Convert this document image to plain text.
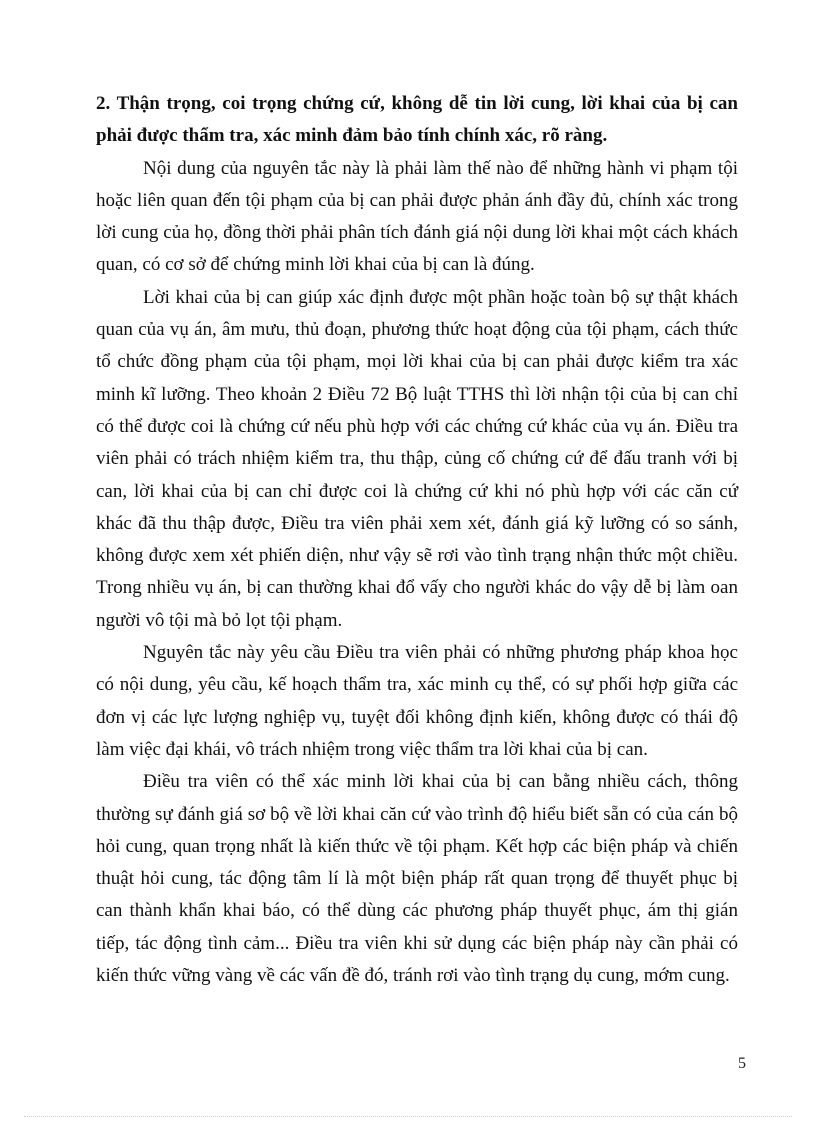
2. Thận trọng, coi trọng chứng cứ, không dễ tin lời cung, lời khai của bị can phải được thẩm tra, xác minh đảm bảo tính chính xác, rõ ràng.

Nội dung của nguyên tắc này là phải làm thế nào để những hành vi phạm tội hoặc liên quan đến tội phạm của bị can phải được phản ánh đầy đủ, chính xác trong lời cung của họ, đồng thời phải phân tích đánh giá nội dung lời khai một cách khách quan, có cơ sở để chứng minh lời khai của bị can là đúng.

Lời khai của bị can giúp xác định được một phần hoặc toàn bộ sự thật khách quan của vụ án, âm mưu, thủ đoạn, phương thức hoạt động của tội phạm, cách thức tổ chức đồng phạm của tội phạm, mọi lời khai của bị can phải được kiểm tra xác minh kĩ lưỡng. Theo khoản 2 Điều 72 Bộ luật TTHS thì lời nhận tội của bị can chỉ có thể được coi là chứng cứ nếu phù hợp với các chứng cứ khác của vụ án. Điều tra viên phải có trách nhiệm kiểm tra, thu thập, củng cố chứng cứ để đấu tranh với bị can, lời khai của bị can chỉ được coi là chứng cứ khi nó phù hợp với các căn cứ khác đã thu thập được, Điều tra viên phải xem xét, đánh giá kỹ lưỡng có so sánh, không được xem xét phiến diện, như vậy sẽ rơi vào tình trạng nhận thức một chiều. Trong nhiều vụ án, bị can thường khai đổ vấy cho người khác do vậy dễ bị làm oan người vô tội mà bỏ lọt tội phạm.

Nguyên tắc này yêu cầu Điều tra viên phải có những phương pháp khoa học có nội dung, yêu cầu, kế hoạch thẩm tra, xác minh cụ thể, có sự phối hợp giữa các đơn vị các lực lượng nghiệp vụ, tuyệt đối không định kiến, không được có thái độ làm việc đại khái, vô trách nhiệm trong việc thẩm tra lời khai của bị can.

Điều tra viên có thể xác minh lời khai của bị can bằng nhiều cách, thông thường sự đánh giá sơ bộ về lời khai căn cứ vào trình độ hiểu biết sẵn có của cán bộ hỏi cung, quan trọng nhất là kiến thức về tội phạm. Kết hợp các biện pháp và chiến thuật hỏi cung, tác động tâm lí là một biện pháp rất quan trọng để thuyết phục bị can thành khẩn khai báo, có thể dùng các phương pháp thuyết phục, ám thị gián tiếp, tác động tình cảm... Điều tra viên khi sử dụng các biện pháp này cần phải có kiến thức vững vàng về các vấn đề đó, tránh rơi vào tình trạng dụ cung, mớm cung.

5
